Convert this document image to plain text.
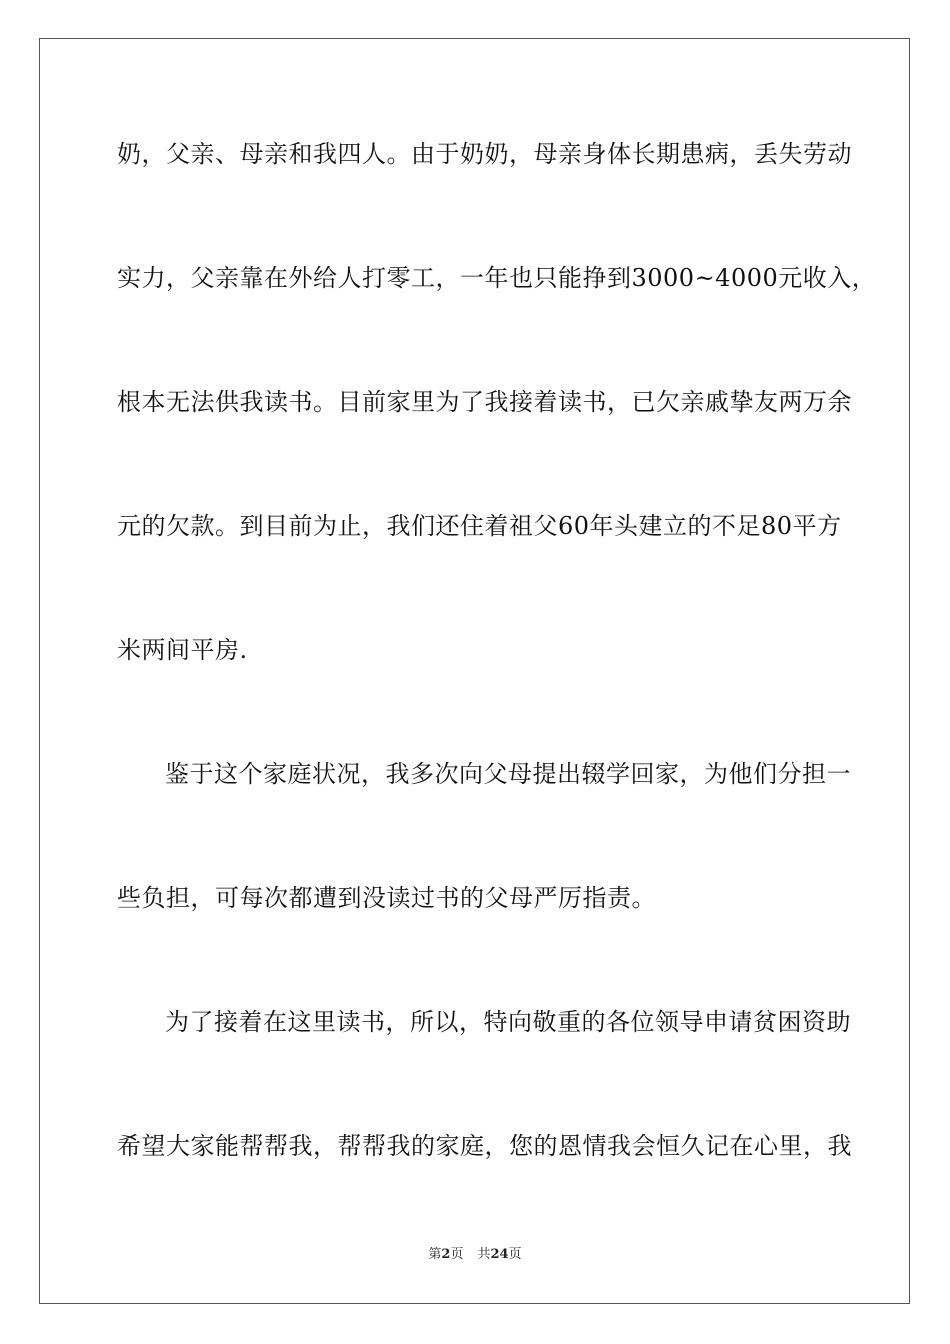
奶，父亲、母亲和我四人。由于奶奶，母亲身体长期患病，丢失劳动
实力，父亲靠在外给人打零工，一年也只能挣到3000~4000元收入，
根本无法供我读书。目前家里为了我接着读书，已欠亲戚挚友两万余
元的欠款。到目前为止，我们还住着祖父60年头建立的不足80平方
米两间平房.
鉴于这个家庭状况，我多次向父母提出辍学回家，为他们分担一
些负担，可每次都遭到没读过书的父母严厉指责。
为了接着在这里读书，所以，特向敬重的各位领导申请贫困资助
希望大家能帮帮我，帮帮我的家庭，您的恩情我会恒久记在心里，我
第2页 共24页
